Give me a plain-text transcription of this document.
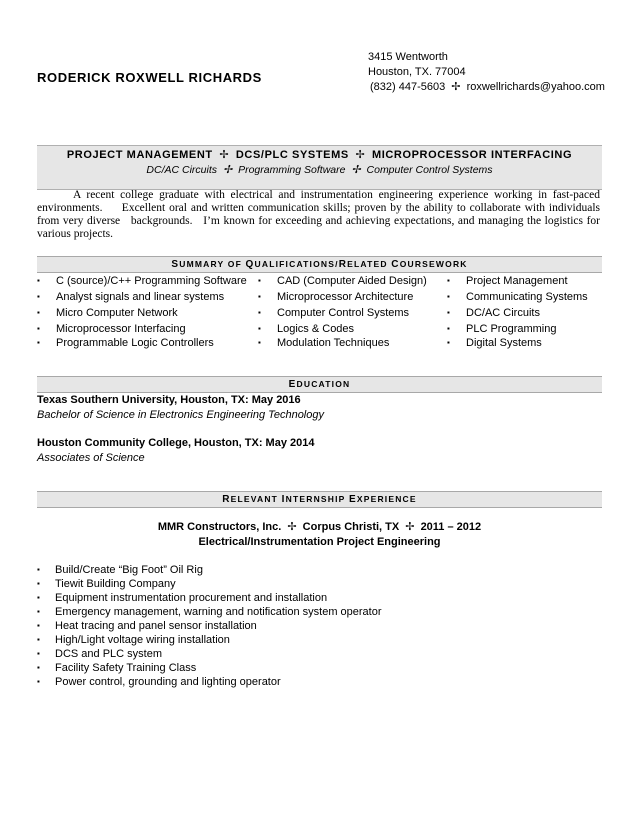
RODERICK ROXWELL RICHARDS
3415 Wentworth
Houston, TX. 77004
(832) 447-5603 ✢ roxwellrichards@yahoo.com
PROJECT MANAGEMENT ✢ DCS/PLC SYSTEMS ✢ MICROPROCESSOR INTERFACING
DC/AC Circuits ✢ Programming Software ✢ Computer Control Systems
A recent college graduate with electrical and instrumentation engineering experience working in fast-paced environments.     Excellent oral and written communication skills; proven by the ability to collaborate with individuals from very diverse   backgrounds.   I’m known for exceeding and achieving expectations, and managing the logistics for various projects.
SUMMARY OF QUALIFICATIONS/RELATED COURSEWORK
▪ C (source)/C++ Programming Software
▪ Analyst signals and linear systems
▪ Micro Computer Network
▪ Microprocessor Interfacing
▪ Programmable Logic Controllers
▪ CAD (Computer Aided Design)
▪ Microprocessor Architecture
▪ Computer Control Systems
▪ Logics & Codes
▪ Modulation Techniques
▪ Project Management
▪ Communicating Systems
▪ DC/AC Circuits
▪ PLC Programming
▪ Digital Systems
EDUCATION
Texas Southern University, Houston, TX: May 2016
Bachelor of Science in Electronics Engineering Technology
Houston Community College, Houston, TX: May 2014
Associates of Science
RELEVANT INTERNSHIP EXPERIENCE
MMR Constructors, Inc. ✢ Corpus Christi, TX ✢ 2011 – 2012
Electrical/Instrumentation Project Engineering
▪ Build/Create “Big Foot” Oil Rig
▪ Tiewit Building Company
▪ Equipment instrumentation procurement and installation
▪ Emergency management, warning and notification system operator
▪ Heat tracing and panel sensor installation
▪ High/Light voltage wiring installation
▪ DCS and PLC system
▪ Facility Safety Training Class
▪ Power control, grounding and lighting operator
